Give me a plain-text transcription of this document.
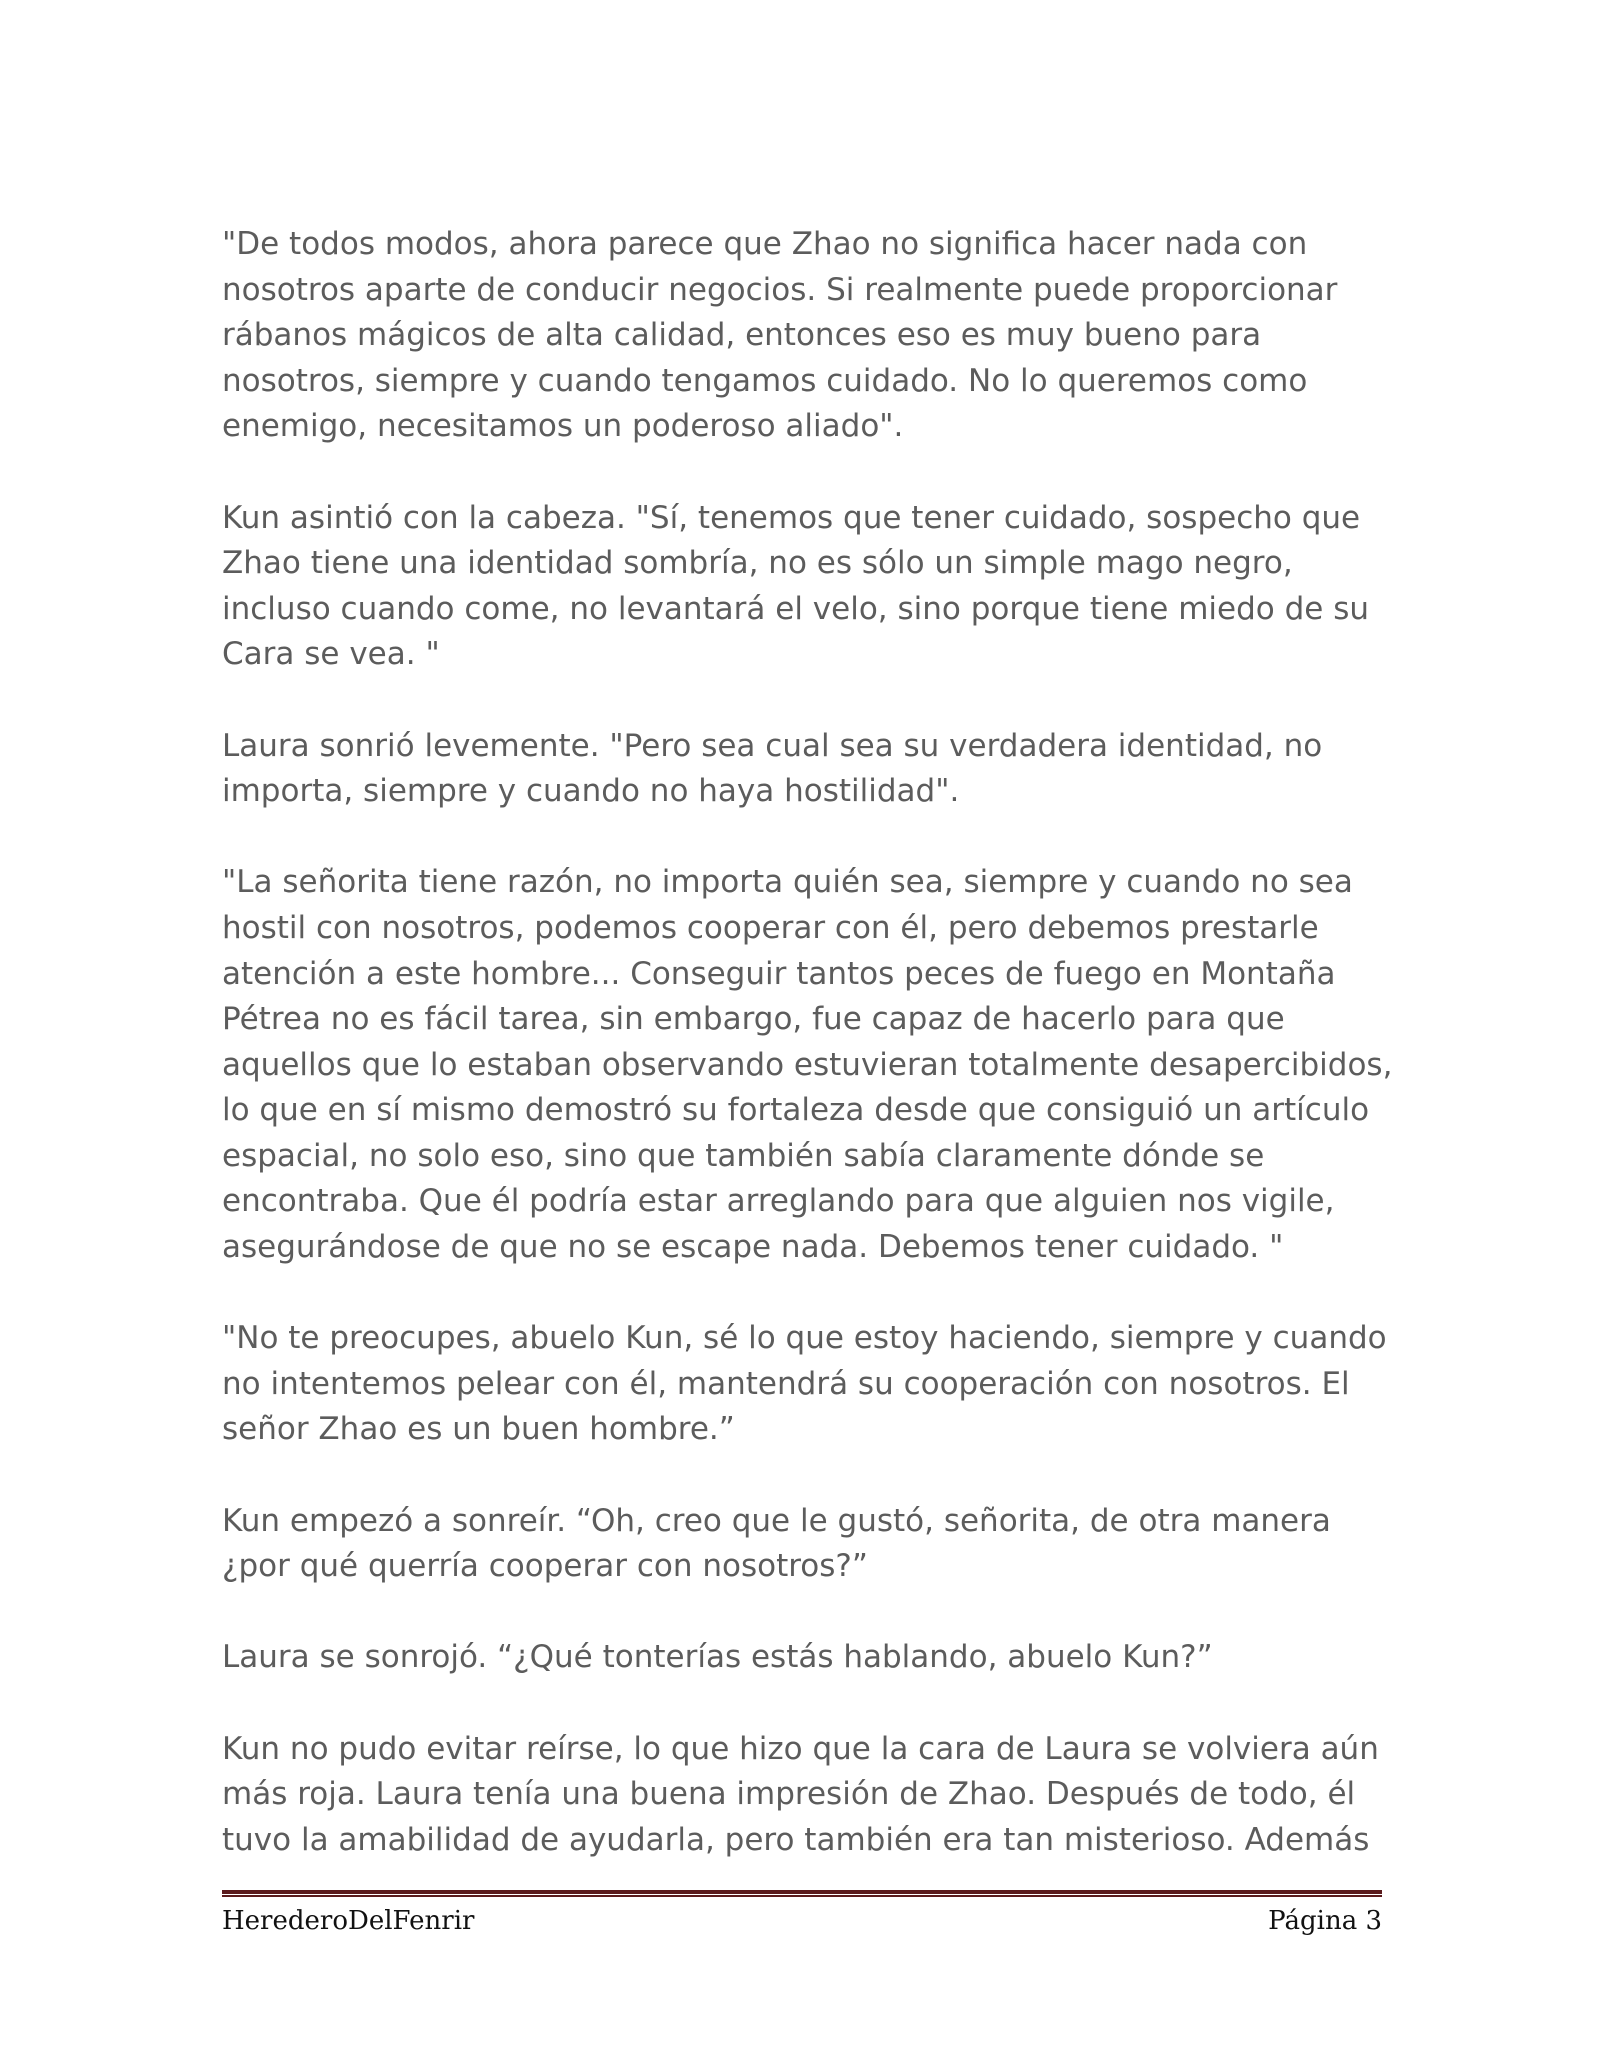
"De todos modos, ahora parece que Zhao no significa hacer nada con nosotros aparte de conducir negocios. Si realmente puede proporcionar rábanos mágicos de alta calidad, entonces eso es muy bueno para nosotros, siempre y cuando tengamos cuidado. No lo queremos como enemigo, necesitamos un poderoso aliado".

Kun asintió con la cabeza. "Sí, tenemos que tener cuidado, sospecho que Zhao tiene una identidad sombría, no es sólo un simple mago negro, incluso cuando come, no levantará el velo, sino porque tiene miedo de su Cara se vea. "

Laura sonrió levemente. "Pero sea cual sea su verdadera identidad, no importa, siempre y cuando no haya hostilidad".

"La señorita tiene razón, no importa quién sea, siempre y cuando no sea hostil con nosotros, podemos cooperar con él, pero debemos prestarle atención a este hombre... Conseguir tantos peces de fuego en Montaña Pétrea no es fácil tarea, sin embargo, fue capaz de hacerlo para que aquellos que lo estaban observando estuvieran totalmente desapercibidos, lo que en sí mismo demostró su fortaleza desde que consiguió un artículo espacial, no solo eso, sino que también sabía claramente dónde se encontraba. Que él podría estar arreglando para que alguien nos vigile, asegurándose de que no se escape nada. Debemos tener cuidado. "

"No te preocupes, abuelo Kun, sé lo que estoy haciendo, siempre y cuando no intentemos pelear con él, mantendrá su cooperación con nosotros. El señor Zhao es un buen hombre.”

Kun empezó a sonreír. “Oh, creo que le gustó, señorita, de otra manera ¿por qué querría cooperar con nosotros?”

Laura se sonrojó. “¿Qué tonterías estás hablando, abuelo Kun?”

Kun no pudo evitar reírse, lo que hizo que la cara de Laura se volviera aún más roja. Laura tenía una buena impresión de Zhao. Después de todo, él tuvo la amabilidad de ayudarla, pero también era tan misterioso. Además

HerederoDelFenrir	Página 3
